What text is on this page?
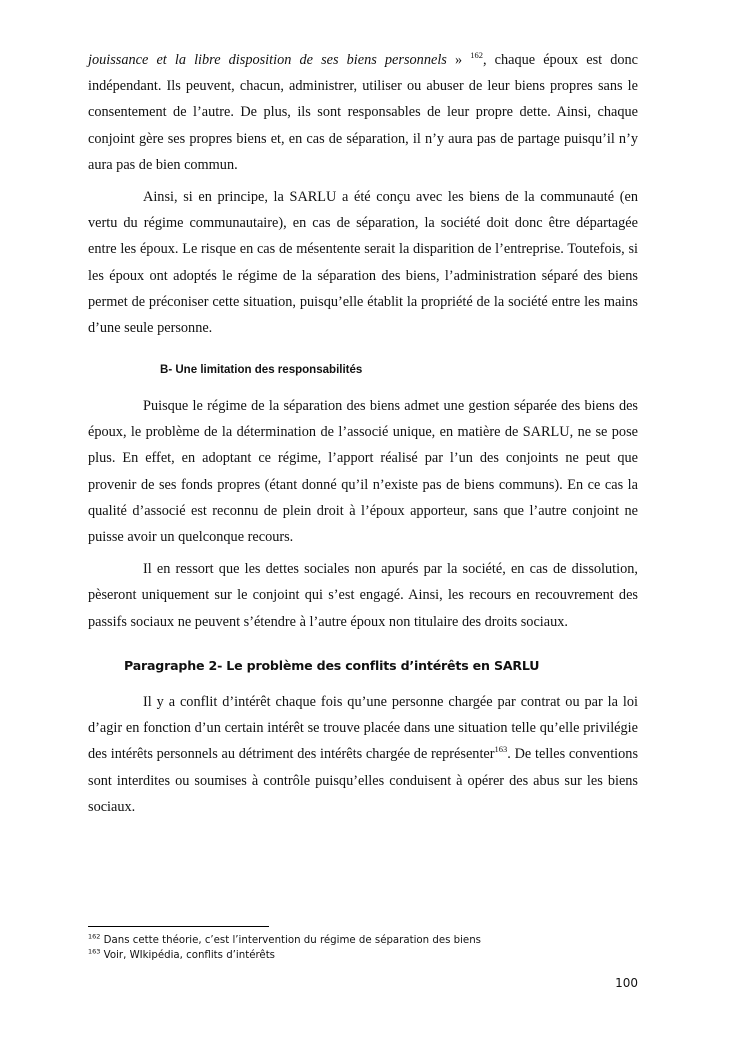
jouissance et la libre disposition de ses biens personnels » $^{162}$, chaque époux est donc indépendant. Ils peuvent, chacun, administrer, utiliser ou abuser de leur biens propres sans le consentement de l’autre. De plus, ils sont responsables de leur propre dette. Ainsi, chaque conjoint gère ses propres biens et, en cas de séparation, il n’y aura pas de partage puisqu’il n’y aura pas de bien commun.

Ainsi, si en principe, la SARLU a été conçu avec les biens de la communauté (en vertu du régime communautaire), en cas de séparation, la société doit donc être départagée entre les époux. Le risque en cas de mésentente serait la disparition de l’entreprise. Toutefois, si les époux ont adoptés le régime de la séparation des biens, l’administration séparé des biens permet de préconiser cette situation, puisqu’elle établit la propriété de la société entre les mains d’une seule personne.

B- Une limitation des responsabilités

Puisque le régime de la séparation des biens admet une gestion séparée des biens des époux, le problème de la détermination de l’associé unique, en matière de SARLU, ne se pose plus. En effet, en adoptant ce régime, l’apport réalisé par l’un des conjoints ne peut que provenir de ses fonds propres (étant donné qu’il n’existe pas de biens communs). En ce cas la qualité d’associé est reconnu de plein droit à l’époux apporteur, sans que l’autre conjoint ne puisse avoir un quelconque recours.

Il en ressort que les dettes sociales non apurés par la société, en cas de dissolution, pèseront uniquement sur le conjoint qui s’est engagé. Ainsi, les recours en recouvrement des passifs sociaux ne peuvent s’étendre à l’autre époux non titulaire des droits sociaux.

Paragraphe 2- Le problème des conflits d’intérêts en SARLU

Il y a conflit d’intérêt chaque fois qu’une personne chargée par contrat ou par la loi d’agir en fonction d’un certain intérêt se trouve placée dans une situation telle qu’elle privilégie des intérêts personnels au détriment des intérêts chargée de représenter$^{163}$. De telles conventions sont interdites ou soumises à contrôle puisqu’elles conduisent à opérer des abus sur les biens sociaux.

$^{162}$ Dans cette théorie, c’est l’intervention du régime de séparation des biens
$^{163}$ Voir, WIkipédia, conflits d’intérêts
100
